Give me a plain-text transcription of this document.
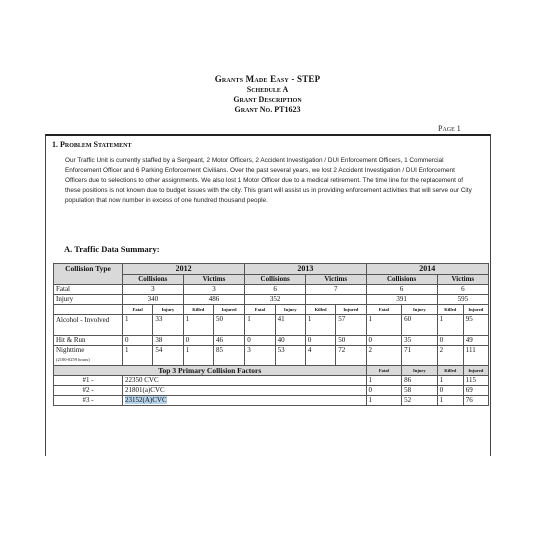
Grants Made Easy - STEP
Schedule A
Grant Description
Grant No. PT1623
Page 1
1. Problem Statement
Our Traffic Unit is currently staffed by a Sergeant, 2 Motor Officers, 2 Accident Investigation / DUI Enforcement Officers, 1 Commercial Enforcement Officer and 6 Parking Enforcement Civilians. Over the past several years, we lost 2 Accident Investigation / DUI Enforcement Officers due to selections to other assignments. We also lost 1 Motor Officer due to a medical retirement. The time line for the replacement of these positions is not known due to budget issues with the city. This grant will assist us in providing enforcement activities that will serve our City population that now number in excess of one hundred thousand people.
A. Traffic Data Summary:
Collision Type	2012				2013				2014			
	Collisions		Victims		Collisions		Victims		Collisions		Victims	
Fatal	3		3		6		7		6		6	
Injury	340		486		352				391		595	
	Fatal	Injury	Killed	Injured	Fatal	Injury	Killed	Injured	Fatal	Injury	Killed	Injured
Alcohol - Involved	1	33	1	50	1	41	1	57	1	60	1	95
Hit & Run	0	38	0	46	0	40	0	50	0	35	0	49
Nighttime
(2100-0259 hours)	1	54	1	85	3	53	4	72	2	71	2	111
Top 3 Primary Collision Factors									Fatal	Injury	Killed	Injured
#1 -	22350 CVC								1	86	1	115
#2 -	21801(a)CVC								0	58	0	69
#3 -	23152(A)CVC								1	52	1	76
